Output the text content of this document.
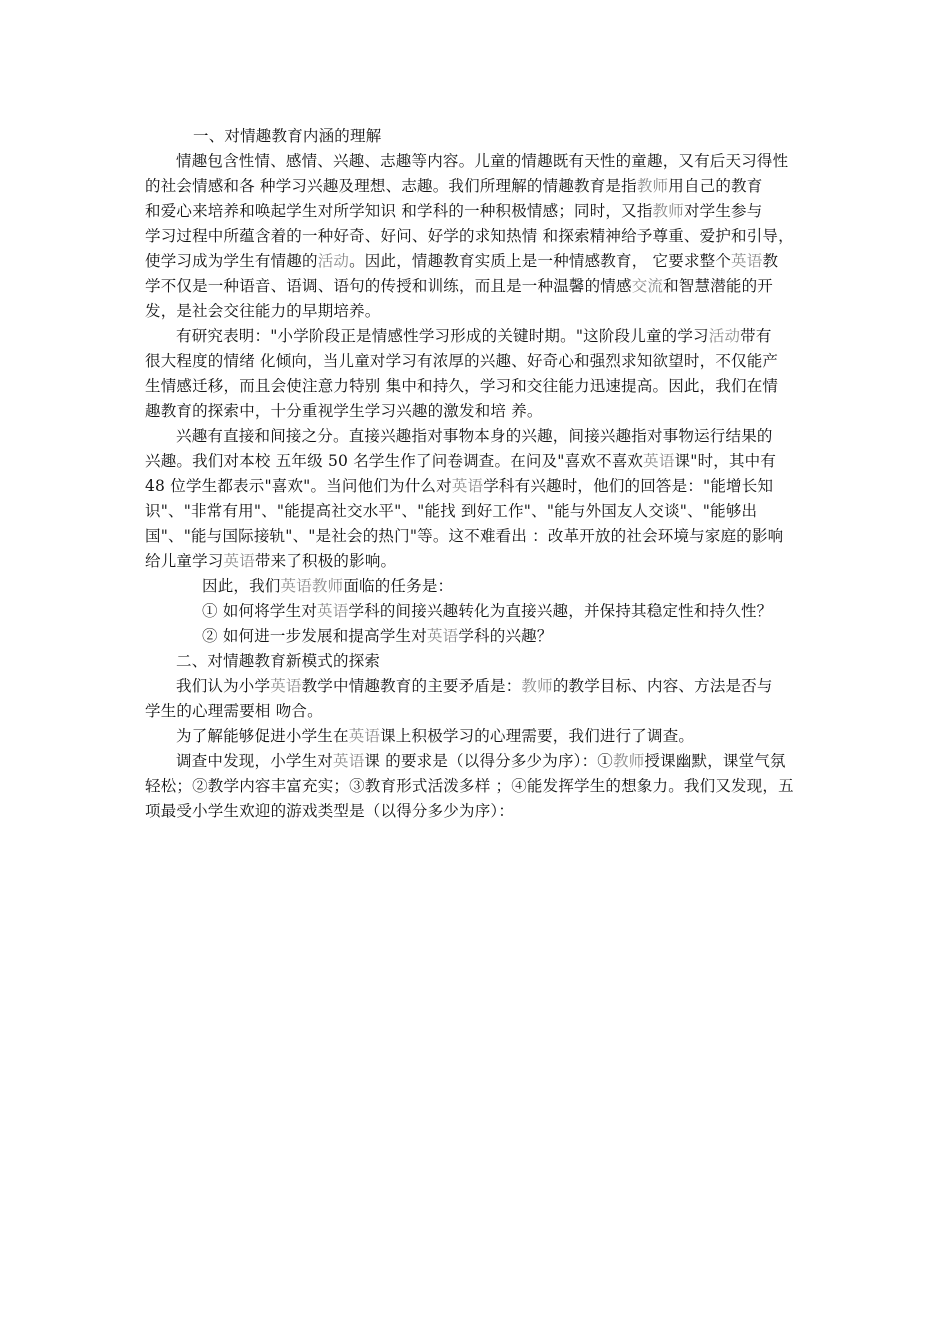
一、对情趣教育内涵的理解
情趣包含性情、感情、兴趣、志趣等内容。儿童的情趣既有天性的童趣，又有后天习得性
的社会情感和各 种学习兴趣及理想、志趣。我们所理解的情趣教育是指教师用自己的教育
和爱心来培养和唤起学生对所学知识 和学科的一种积极情感；同时，又指教师对学生参与
学习过程中所蕴含着的一种好奇、好问、好学的求知热情 和探索精神给予尊重、爱护和引导，
使学习成为学生有情趣的活动。因此，情趣教育实质上是一种情感教育， 它要求整个英语教
学不仅是一种语音、语调、语句的传授和训练，而且是一种温馨的情感交流和智慧潜能的开
发，是社会交往能力的早期培养。
有研究表明："小学阶段正是情感性学习形成的关键时期。"这阶段儿童的学习活动带有
很大程度的情绪 化倾向，当儿童对学习有浓厚的兴趣、好奇心和强烈求知欲望时，不仅能产
生情感迁移，而且会使注意力特别 集中和持久，学习和交往能力迅速提高。因此，我们在情
趣教育的探索中，十分重视学生学习兴趣的激发和培 养。
兴趣有直接和间接之分。直接兴趣指对事物本身的兴趣，间接兴趣指对事物运行结果的
兴趣。我们对本校 五年级 50 名学生作了问卷调查。在问及"喜欢不喜欢英语课"时，其中有
48 位学生都表示"喜欢"。当问他们为什么对英语学科有兴趣时，他们的回答是："能增长知
识"、"非常有用"、"能提高社交水平"、"能找 到好工作"、"能与外国友人交谈"、"能够出
国"、"能与国际接轨"、"是社会的热门"等。这不难看出 ：改革开放的社会环境与家庭的影响
给儿童学习英语带来了积极的影响。
因此，我们英语教师面临的任务是：
① 如何将学生对英语学科的间接兴趣转化为直接兴趣，并保持其稳定性和持久性？
② 如何进一步发展和提高学生对英语学科的兴趣？
二、对情趣教育新模式的探索
我们认为小学英语教学中情趣教育的主要矛盾是：教师的教学目标、内容、方法是否与
学生的心理需要相 吻合。
为了解能够促进小学生在英语课上积极学习的心理需要，我们进行了调查。
调查中发现，小学生对英语课 的要求是（以得分多少为序）：①教师授课幽默，课堂气氛
轻松；②教学内容丰富充实；③教育形式活泼多样 ；④能发挥学生的想象力。我们又发现，五
项最受小学生欢迎的游戏类型是（以得分多少为序）：
